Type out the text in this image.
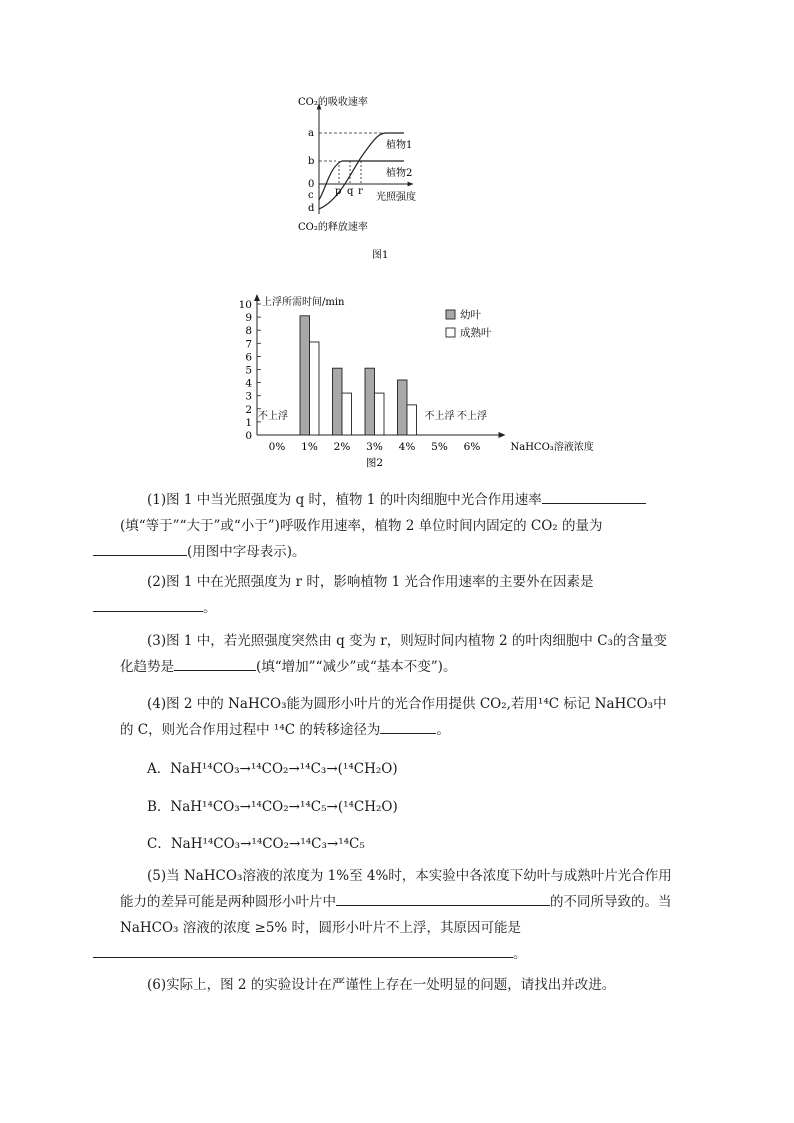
CO₂的吸收速率
CO₂的释放速率
光照强度
a
b
0
c
d
p q r
植物1
植物2
图1
0
1
2
3
4
5
6
7
8
9
10 上浮所需时间/min
0% 1% 2% 3% 4% 5% 6%	NaHCO₃溶液浓度
不上浮	不上浮 不上浮
幼叶
成熟叶
图2
(1)图 1 中当光照强度为 q 时，植物 1 的叶肉细胞中光合作用速率(填“等于”“大于”或“小于”)呼吸作用速率，植物 2 单位时间内固定的 CO₂ 的量为
(用图中字母表示)。
(2)图 1 中在光照强度为 r 时，影响植物 1 光合作用速率的主要外在因素是
。
(3)图 1 中，若光照强度突然由 q 变为 r，则短时间内植物 2 的叶肉细胞中 C₃的含量变化趋势是	(填“增加”“减少”或“基本不变”)。
(4)图 2 中的 NaHCO₃能为圆形小叶片的光合作用提供 CO₂,若用¹⁴C 标记 NaHCO₃中的 C，则光合作用过程中 ¹⁴C 的转移途径为	。
A．NaH¹⁴CO₃→¹⁴CO₂→¹⁴C₃→(¹⁴CH₂O)
B．NaH¹⁴CO₃→¹⁴CO₂→¹⁴C₅→(¹⁴CH₂O)
C．NaH¹⁴CO₃→¹⁴CO₂→¹⁴C₃→¹⁴C₅
(5)当 NaHCO₃溶液的浓度为 1%至 4%时，本实验中各浓度下幼叶与成熟叶片光合作用能力的差异可能是两种圆形小叶片中	的不同所导致的。当 NaHCO₃ 溶液的浓度 ≥5% 时，圆形小叶片不上浮，其原因可能是
。
(6)实际上，图 2 的实验设计在严谨性上存在一处明显的问题，请找出并改进。
